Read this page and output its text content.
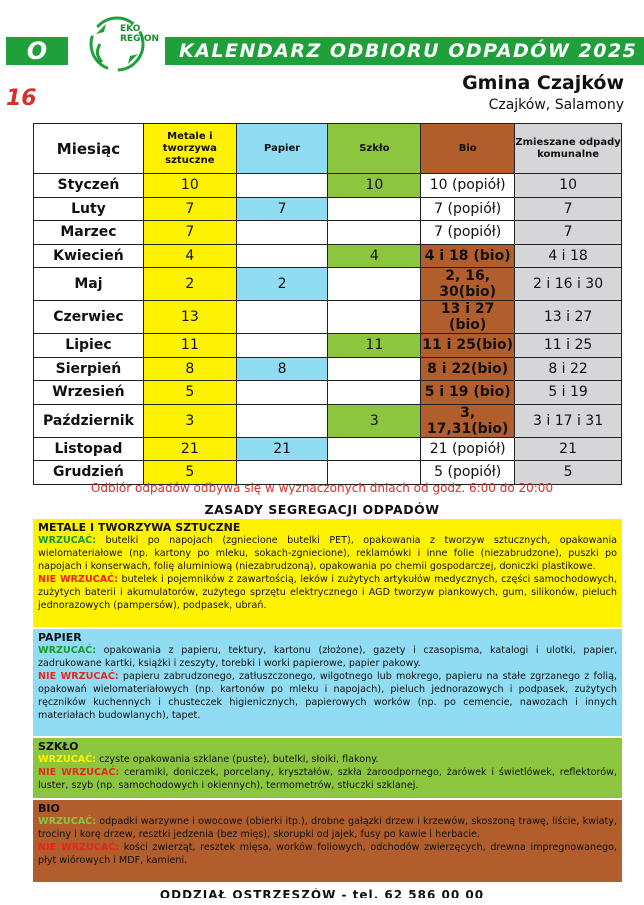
O
EKO
REGION
KALENDARZ ODBIORU ODPADÓW 2025
16
Gmina Czajków
Czajków, Salamony
Miesiąc	Metale i tworzywa sztuczne	Papier	Szkło	Bio	Zmieszane odpady komunalne
Styczeń	10		10	10 (popiół)	10
Luty	7	7		7 (popiół)	7
Marzec	7			7 (popiół)	7
Kwiecień	4		4	4 i 18 (bio)	4 i 18
Maj	2	2		2, 16, 30(bio)	2 i 16 i 30
Czerwiec	13			13 i 27 (bio)	13 i 27
Lipiec	11		11	11 i 25(bio)	11 i 25
Sierpień	8	8		8 i 22(bio)	8 i 22
Wrzesień	5			5 i 19 (bio)	5 i 19
Październik	3		3	3, 17,31(bio)	3 i 17 i 31
Listopad	21	21		21 (popiół)	21
Grudzień	5			5 (popiół)	5
Odbiór odpadów odbywa się w wyznaczonych dniach od godz. 6:00 do 20:00
ZASADY SEGREGACJI ODPADÓW
METALE I TWORZYWA SZTUCZNE
WRZUCAĆ: butelki po napojach (zgniecione butelki PET), opakowania z tworzyw sztucznych, opakowania wielomateriałowe (np. kartony po mleku, sokach-zgniecione), reklamówki i inne folie (niezabrudzone), puszki po napojach i konserwach, folię aluminiową (niezabrudzoną), opakowania po chemii gospodarczej, doniczki plastikowe.
NIE WRZUCAĆ: butelek i pojemników z zawartością, leków i zużytych artykułów medycznych, części samochodowych, zużytych baterii i akumulatorów, zużytego sprzętu elektrycznego i AGD tworzyw piankowych, gum, silikonów, pieluch jednorazowych (pampersów), podpasek, ubrań.
PAPIER
WRZUCAĆ: opakowania z papieru, tektury, kartonu (złożone), gazety i czasopisma, katalogi i ulotki, papier, zadrukowane kartki, książki i zeszyty, torebki i worki papierowe, papier pakowy.
NIE WRZUCAĆ: papieru zabrudzonego, zatłuszczonego, wilgotnego lub mokrego, papieru na stałe zgrzanego z folią, opakowań wielomateriałowych (np. kartonów po mleku i napojach), pieluch jednorazowych i podpasek, zużytych ręczników kuchennych i chusteczek higienicznych, papierowych worków (np. po cemencie, nawozach i innych materiałach budowlanych), tapet.
SZKŁO
WRZUCAĆ: czyste opakowania szklane (puste), butelki, słoiki, flakony.
NIE WRZUCAĆ: ceramiki, doniczek, porcelany, kryształów, szkła żaroodpornego, żarówek i świetlówek, reflektorów, luster, szyb (np. samochodowych i okiennych), termometrów, stłuczki szklanej.
BIO
WRZUCAĆ: odpadki warzywne i owocowe (obierki itp.), drobne gałązki drzew i krzewów, skoszoną trawę, liście, kwiaty, trociny i korę drzew, resztki jedzenia (bez mięs), skorupki od jajek, fusy po kawie i herbacie.
NIE WRZUCAĆ: kości zwierząt, resztek mięsa, worków foliowych, odchodów zwierzęcych, drewna impregnowanego, płyt wiórowych i MDF, kamieni.
ODDZIAŁ OSTRZESZÓW - tel. 62 586 00 00
